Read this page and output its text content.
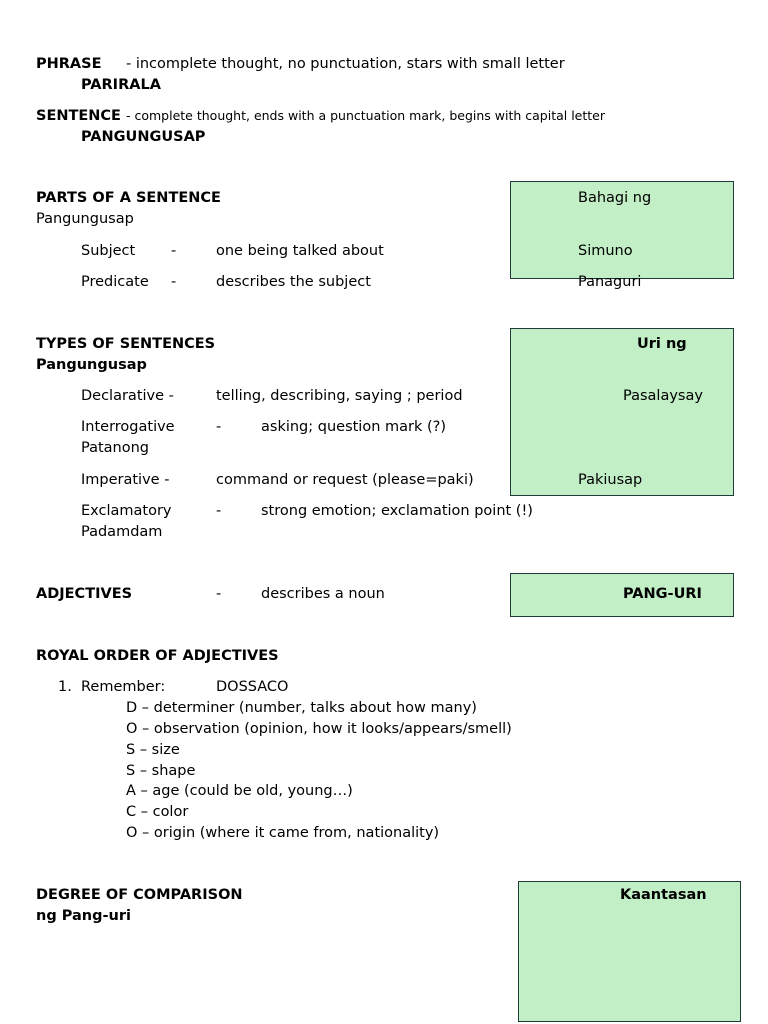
PHRASE - incomplete thought, no punctuation, stars with small letter
PARIRALA
SENTENCE - complete thought, ends with a punctuation mark, begins with capital letter
PANGUNGUSAP
PARTS OF A SENTENCE
Pangungusap
Bahagi ng
Subject -	one being talked about	Simuno
Predicate -	describes the subject	Panaguri
TYPES OF SENTENCES
Pangungusap
Uri ng
Declarative -	telling, describing, saying ; period	Pasalaysay
Interrogative	-	asking; question mark (?)
Patanong
Imperative -	command or request (please=paki)	Pakiusap
Exclamatory	-	strong emotion; exclamation point (!)
Padamdam
ADJECTIVES	-	describes a noun	PANG-URI
ROYAL ORDER OF ADJECTIVES
1. Remember:	DOSSACO
D – determiner (number, talks about how many)
O – observation (opinion, how it looks/appears/smell)
S – size
S – shape
A – age (could be old, young…)
C – color
O – origin (where it came from, nationality)
DEGREE OF COMPARISON
ng Pang-uri
Kaantasan
